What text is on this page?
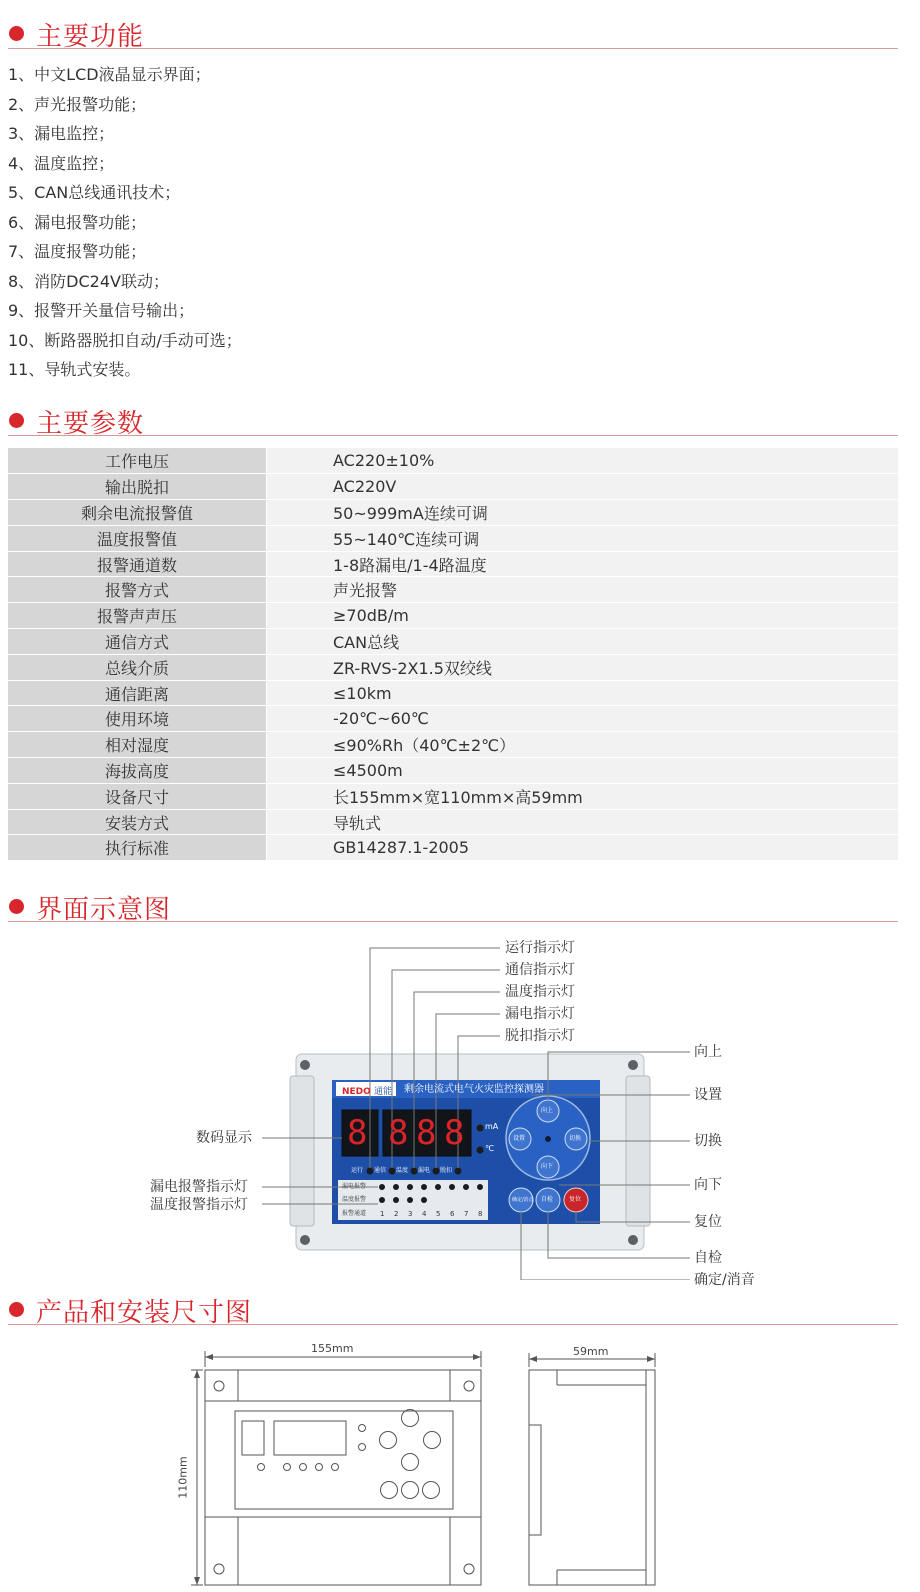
主要功能
1、中文LCD液晶显示界面；
2、声光报警功能；
3、漏电监控；
4、温度监控；
5、CAN总线通讯技术；
6、漏电报警功能；
7、温度报警功能；
8、消防DC24V联动；
9、报警开关量信号输出；
10、断路器脱扣自动/手动可选；
11、导轨式安装。
主要参数
工作电压	AC220±10%
输出脱扣	AC220V
剩余电流报警值	50~999mA连续可调
温度报警值	55~140℃连续可调
报警通道数	1-8路漏电/1-4路温度
报警方式	声光报警
报警声声压	≥70dB/m
通信方式	CAN总线
总线介质	ZR-RVS-2X1.5双绞线
通信距离	≤10km
使用环境	-20℃~60℃
相对湿度	≤90%Rh（40℃±2℃）
海拔高度	≤4500m
设备尺寸	长155mm×宽110mm×高59mm
安装方式	导轨式
执行标准	GB14287.1-2005
界面示意图
NEDO 通能 剩余电流式电气火灾监控探测器
8 8 8 8	mA
℃
运行 通信 温度 漏电 脱扣
漏电报警
温度报警
报警通道 1 2 3 4 5 6 7 8
向上
设置	切换
向下
确定/消音 自检	复位
运行指示灯
通信指示灯
温度指示灯
漏电指示灯
脱扣指示灯
数码显示
漏电报警指示灯
温度报警指示灯
向上
设置
切换
向下
复位
自检
确定/消音
产品和安装尺寸图
155mm
110mm
59mm
